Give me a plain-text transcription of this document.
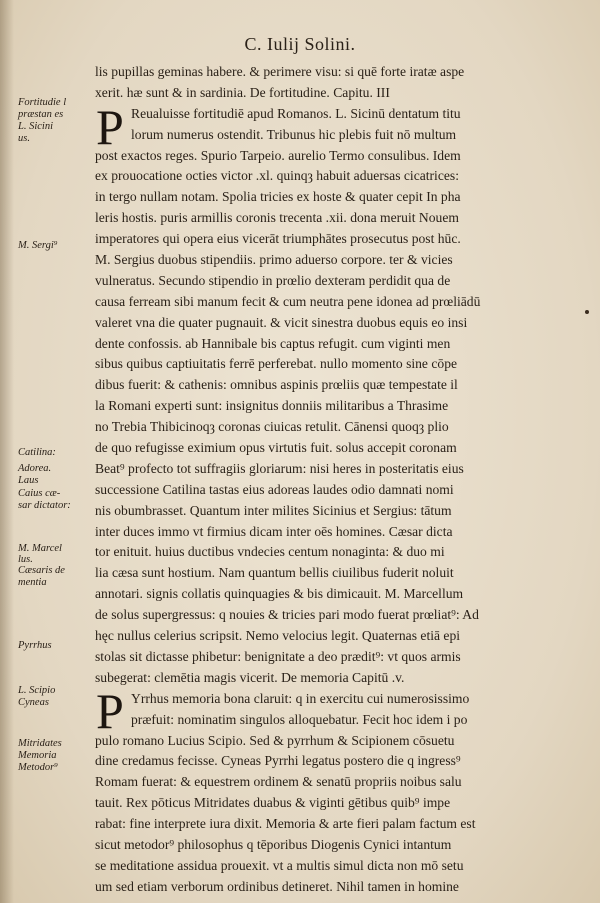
C. Iulij Solini.
lis pupillas geminas habere. & perimere visu: si quē forte iratæ aspe
xerit. hæ sunt & in sardinia. De fortitudine. Capitu. III
Reualuisse fortitudiē apud Romanos. L. Sicinū dentatum titu
lorum numerus ostendit. Tribunus hic plebis fuit nō multum
post exactos reges. Spurio Tarpeio. aurelio Termo consulibus. Idem
ex prouocatione octies victor .xl. quinqȝ habuit aduersas cicatrices:
in tergo nullam notam. Spolia tricies ex hoste & quater cepit In pha
leris hostis. puris armillis coronis trecenta .xii. dona meruit Nouem
imperatores qui opera eius vicerāt triumphātes prosecutus post hūc.
M. Sergius duobus stipendiis. primo aduerso corpore. ter & vicies
vulneratus. Secundo stipendio in prœlio dexteram perdidit qua de
causa ferream sibi manum fecit & cum neutra pene idonea ad prœliādū
valeret vna die quater pugnauit. & vicit sinestra duobus equis eo insi
dente confossis. ab Hannibale bis captus refugit. cum viginti men
sibus quibus captiuitatis ferrē perferebat. nullo momento sine cōpe
dibus fuerit: & cathenis: omnibus aspinis prœliis quæ tempestate il
la Romani experti sunt: insignitus donniis militaribus a Thrasime
no Trebia Thibicinoqȝ coronas ciuicas retulit. Cānensi quoqȝ plio
de quo refugisse eximium opus virtutis fuit. solus accepit coronam
Beat⁹ profecto tot suffragiis gloriarum: nisi heres in posteritatis eius
successione Catilina tastas eius adoreas laudes odio damnati nomi
nis obumbrasset. Quantum inter milites Sicinius et Sergius: tātum
inter duces immo vt firmius dicam inter oēs homines. Cæsar dicta
tor enituit. huius ductibus vndecies centum nonaginta: & duo mi
lia cæsa sunt hostium. Nam quantum bellis ciuilibus fuderit noluit
annotari. signis collatis quinquagies & bis dimicauit. M. Marcellum
de solus supergressus: q nouies & tricies pari modo fuerat prœliat⁹: Ad
hęc nullus celerius scripsit. Nemo velocius legit. Quaternas etiā epi
stolas sit dictasse phibetur: benignitate a deo prædit⁹: vt quos armis
subegerat: clemētia magis vicerit. De memoria Capitū .v.
Yrrhus memoria bona claruit: q in exercitu cui numerosissimo
præfuit: nominatim singulos alloquebatur. Fecit hoc idem i po
pulo romano Lucius Scipio. Sed & pyrrhum & Scipionem cōsuetu
dine credamus fecisse. Cyneas Pyrrhi legatus postero die q ingress⁹
Romam fuerat: & equestrem ordinem & senatū propriis noibus salu
tauit. Rex pōticus Mitridates duabus & viginti gētibus quib⁹ impe
rabat: fine interprete iura dixit. Memoria & arte fieri palam factum est
sicut metodor⁹ philosophus q tēporibus Diogenis Cynici intantum
se meditatione assidua prouexit. vt a multis simul dicta non mō setu
um sed etiam verborum ordinibus detineret. Nihil tamen in homine
P
P
Fortitudie l
præstan es
L. Sicini
us.
M. Sergi⁹
Catilina:
Adorea.
Laus
Caius cæ-
sar dictator:
M. Marcel
lus.
Cæsaris de
mentia
Pyrrhus
L. Scipio
Cyneas
Mitridates
Memoria
Metodor⁹
